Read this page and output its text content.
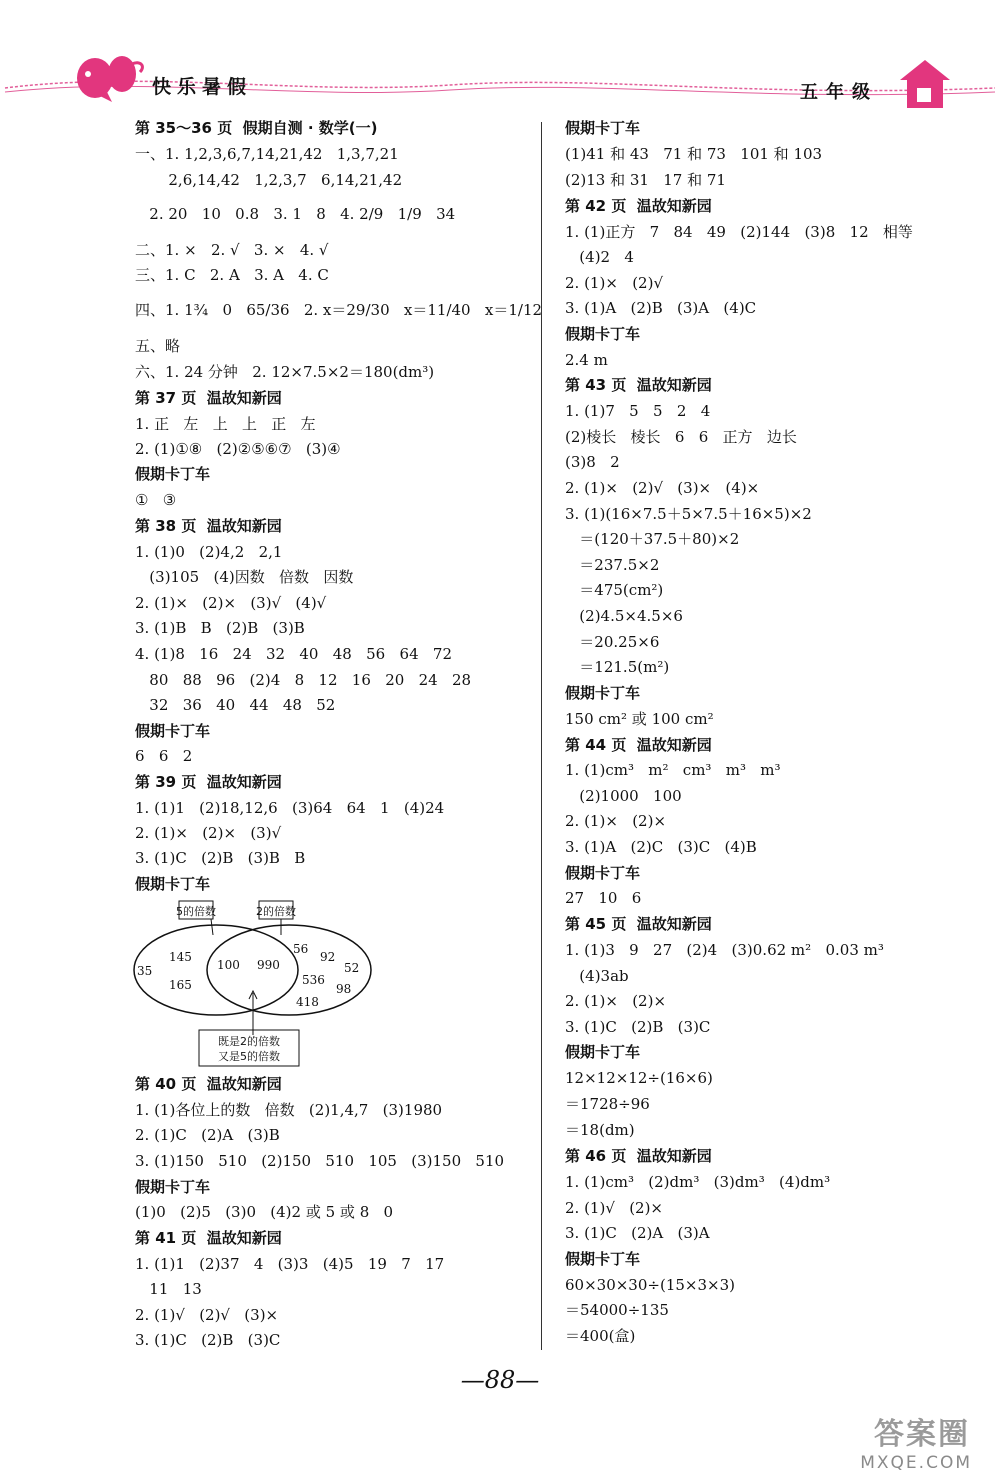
快乐暑假	五年级
第 35～36 页  假期自测 · 数学(一)
一、1. 1,2,3,6,7,14,21,42   1,3,7,21
2,6,14,42   1,2,3,7   6,14,21,42
2. 20   10   0.8   3. 1   8   4. 2/9   1/9   34
二、1. ×   2. √   3. ×   4. √
三、1. C   2. A   3. A   4. C
四、1. 1¾   0   65/36   2. x＝29/30   x＝11/40   x＝1/12
五、略
六、1. 24 分钟   2. 12×7.5×2＝180(dm³)
第 37 页  温故知新园
1. 正   左   上   上   正   左
2. (1)①⑧   (2)②⑤⑥⑦   (3)④
假期卡丁车
①   ③
第 38 页  温故知新园
1. (1)0   (2)4,2   2,1
(3)105   (4)因数   倍数   因数
2. (1)×   (2)×   (3)√   (4)√
3. (1)B   B   (2)B   (3)B
4. (1)8   16   24   32   40   48   56   64   72
80   88   96   (2)4   8   12   16   20   24   28
32   36   40   44   48   52
假期卡丁车
6   6   2
第 39 页  温故知新园
1. (1)1   (2)18,12,6   (3)64   64   1   (4)24
2. (1)×   (2)×   (3)√
3. (1)C   (2)B   (3)B   B
假期卡丁车
第 40 页  温故知新园
1. (1)各位上的数   倍数   (2)1,4,7   (3)1980
2. (1)C   (2)A   (3)B
3. (1)150   510   (2)150   510   105   (3)150   510
假期卡丁车
(1)0   (2)5   (3)0   (4)2 或 5 或 8   0
第 41 页  温故知新园
1. (1)1   (2)37   4   (3)3   (4)5   19   7   17
11   13
2. (1)√   (2)√   (3)×
3. (1)C   (2)B   (3)C
5的倍数	2的倍数
既是2的倍数
又是5的倍数
145
35
165
100 990
56
92
52
536
98
418
假期卡丁车
(1)41 和 43   71 和 73   101 和 103
(2)13 和 31   17 和 71
第 42 页  温故知新园
1. (1)正方   7   84   49   (2)144   (3)8   12   相等
(4)2   4
2. (1)×   (2)√
3. (1)A   (2)B   (3)A   (4)C
假期卡丁车
2.4 m
第 43 页  温故知新园
1. (1)7   5   5   2   4
(2)棱长   棱长   6   6   正方   边长
(3)8   2
2. (1)×   (2)√   (3)×   (4)×
3. (1)(16×7.5＋5×7.5＋16×5)×2
＝(120＋37.5＋80)×2
＝237.5×2
＝475(cm²)
(2)4.5×4.5×6
＝20.25×6
＝121.5(m²)
假期卡丁车
150 cm² 或 100 cm²
第 44 页  温故知新园
1. (1)cm³   m²   cm³   m³   m³
(2)1000   100
2. (1)×   (2)×
3. (1)A   (2)C   (3)C   (4)B
假期卡丁车
27   10   6
第 45 页  温故知新园
1. (1)3   9   27   (2)4   (3)0.62 m²   0.03 m³
(4)3ab
2. (1)×   (2)×
3. (1)C   (2)B   (3)C
假期卡丁车
12×12×12÷(16×6)
＝1728÷96
＝18(dm)
第 46 页  温故知新园
1. (1)cm³   (2)dm³   (3)dm³   (4)dm³
2. (1)√   (2)×
3. (1)C   (2)A   (3)A
假期卡丁车
60×30×30÷(15×3×3)
＝54000÷135
＝400(盒)
—88—
答案圈
MXQE.COM
